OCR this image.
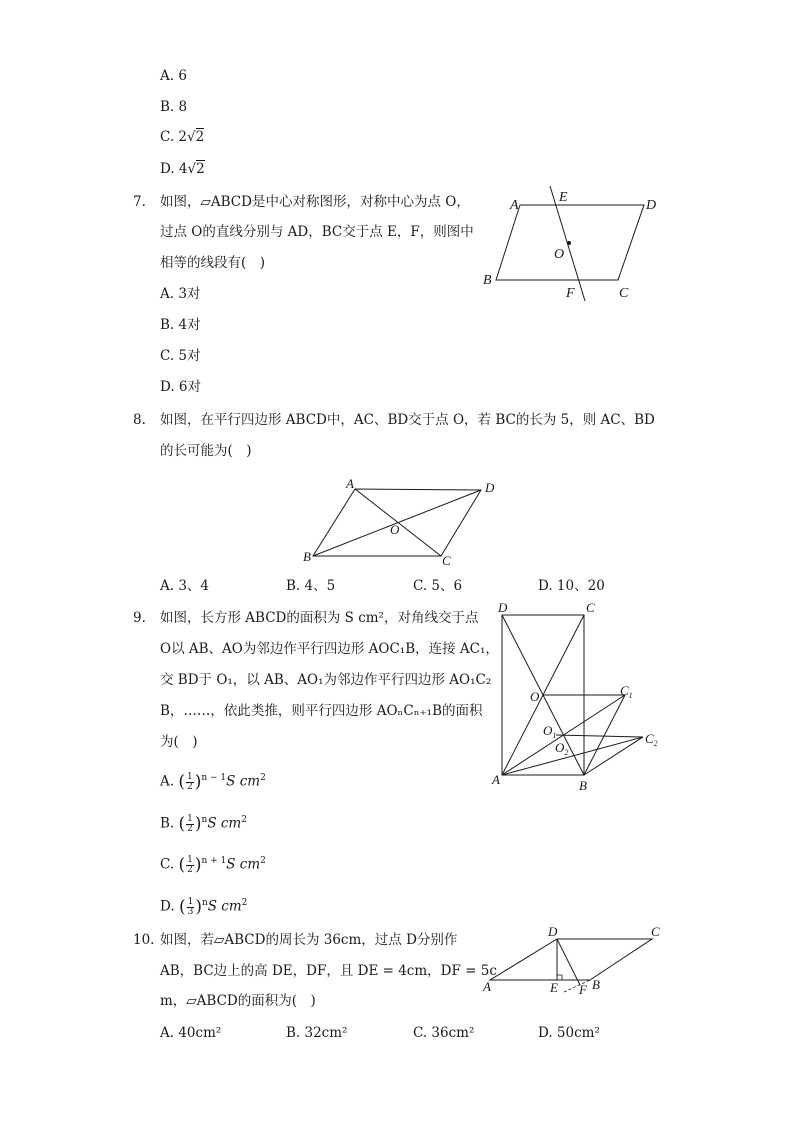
A. 6
B. 8
C. 2√2
D. 4√2
7. 如图，▱ABCD是中心对称图形，对称中心为点 O，
过点 O的直线分别与 AD，BC交于点 E，F，则图中
相等的线段有(　)
A. 3对
B. 4对
C. 5对
D. 6对
A
E
D
O
B
F	C
8. 如图，在平行四边形 ABCD中，AC、BD交于点 O，若 BC的长为 5，则 AC、BD
的长可能为(　)
A	D
O
B	C
A. 3、4	B. 4、5	C. 5、6	D. 10、20
9. 如图，长方形 ABCD的面积为 S cm²，对角线交于点
O以 AB、AO为邻边作平行四边形 AOC₁B，连接 AC₁，
交 BD于 O₁，以 AB、AO₁为邻边作平行四边形 AO₁C₂
B，……，依此类推，则平行四边形 AOₙCₙ₊₁B的面积
为(　)
A. ( $\frac{1}{2} )^{n - 1}S$ $cm^2$
B. ( $\frac{1}{2} )^nS$ $cm^2$
C. ( $\frac{1}{2} )^{n + 1}S$ $cm^2$
D. ( $\frac{1}{3} )^nS$ $cm^2$
D	C
O	$C_1$
$O_1$
$O_2$
$C_2$
A	B
10. 如图，若▱ABCD的周长为 36cm，过点 D分别作
AB，BC边上的高 DE，DF，且 DE = 4cm，DF = 5c
m，▱ABCD的面积为(　)
A. 40cm²	B. 32cm²	C. 36cm²	D. 50cm²
D	C
A	E F B
